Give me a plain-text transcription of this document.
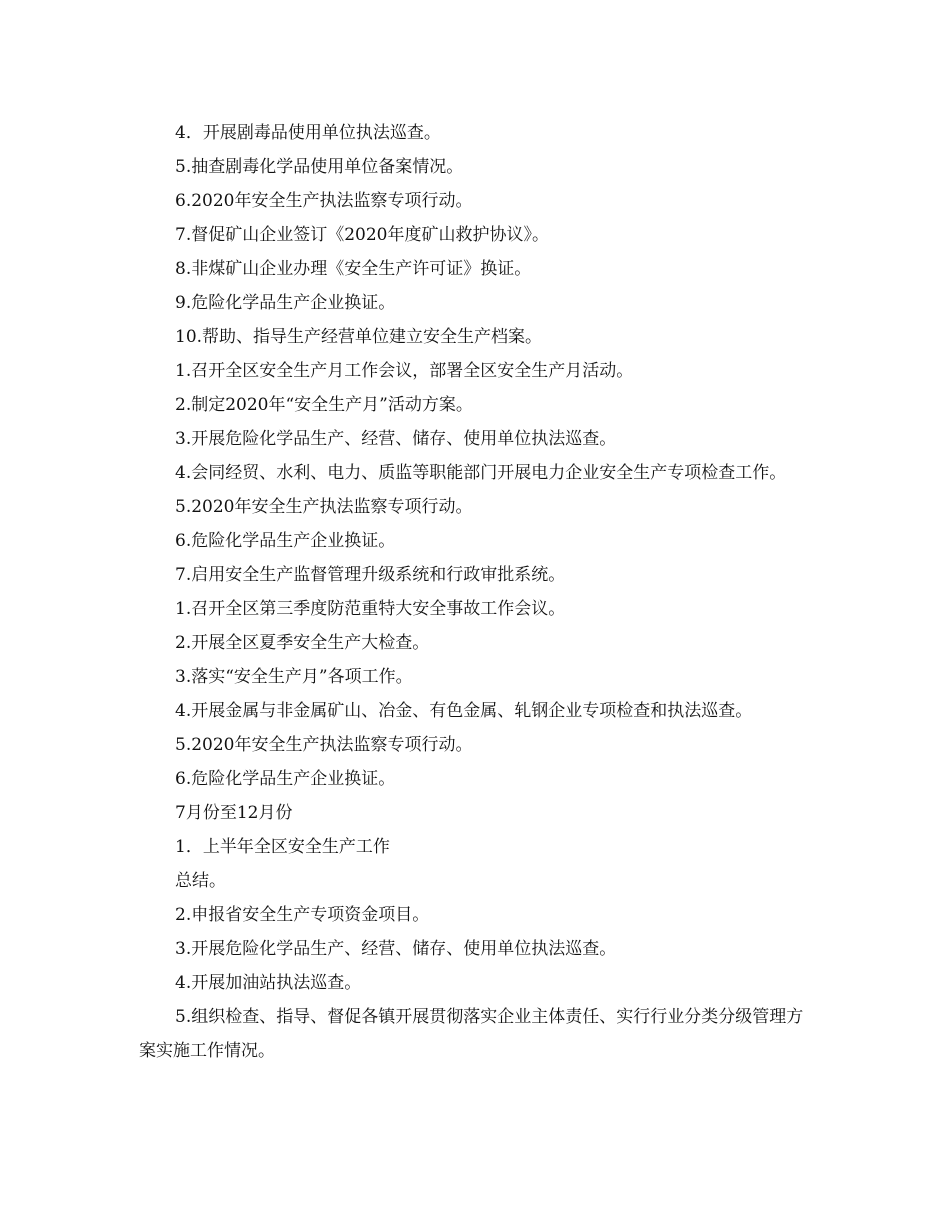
4．开展剧毒品使用单位执法巡查。

5.抽查剧毒化学品使用单位备案情况。

6.2020年安全生产执法监察专项行动。

7.督促矿山企业签订《2020年度矿山救护协议》。

8.非煤矿山企业办理《安全生产许可证》换证。

9.危险化学品生产企业换证。

10.帮助、指导生产经营单位建立安全生产档案。

1.召开全区安全生产月工作会议，部署全区安全生产月活动。

2.制定2020年“安全生产月”活动方案。

3.开展危险化学品生产、经营、储存、使用单位执法巡查。

4.会同经贸、水利、电力、质监等职能部门开展电力企业安全生产专项检查工作。

5.2020年安全生产执法监察专项行动。

6.危险化学品生产企业换证。

7.启用安全生产监督管理升级系统和行政审批系统。

1.召开全区第三季度防范重特大安全事故工作会议。

2.开展全区夏季安全生产大检查。

3.落实“安全生产月”各项工作。

4.开展金属与非金属矿山、冶金、有色金属、轧钢企业专项检查和执法巡查。

5.2020年安全生产执法监察专项行动。

6.危险化学品生产企业换证。

7月份至12月份

1．上半年全区安全生产工作

总结。

2.申报省安全生产专项资金项目。

3.开展危险化学品生产、经营、储存、使用单位执法巡查。

4.开展加油站执法巡查。

5.组织检查、指导、督促各镇开展贯彻落实企业主体责任、实行行业分类分级管理方案实施工作情况。
